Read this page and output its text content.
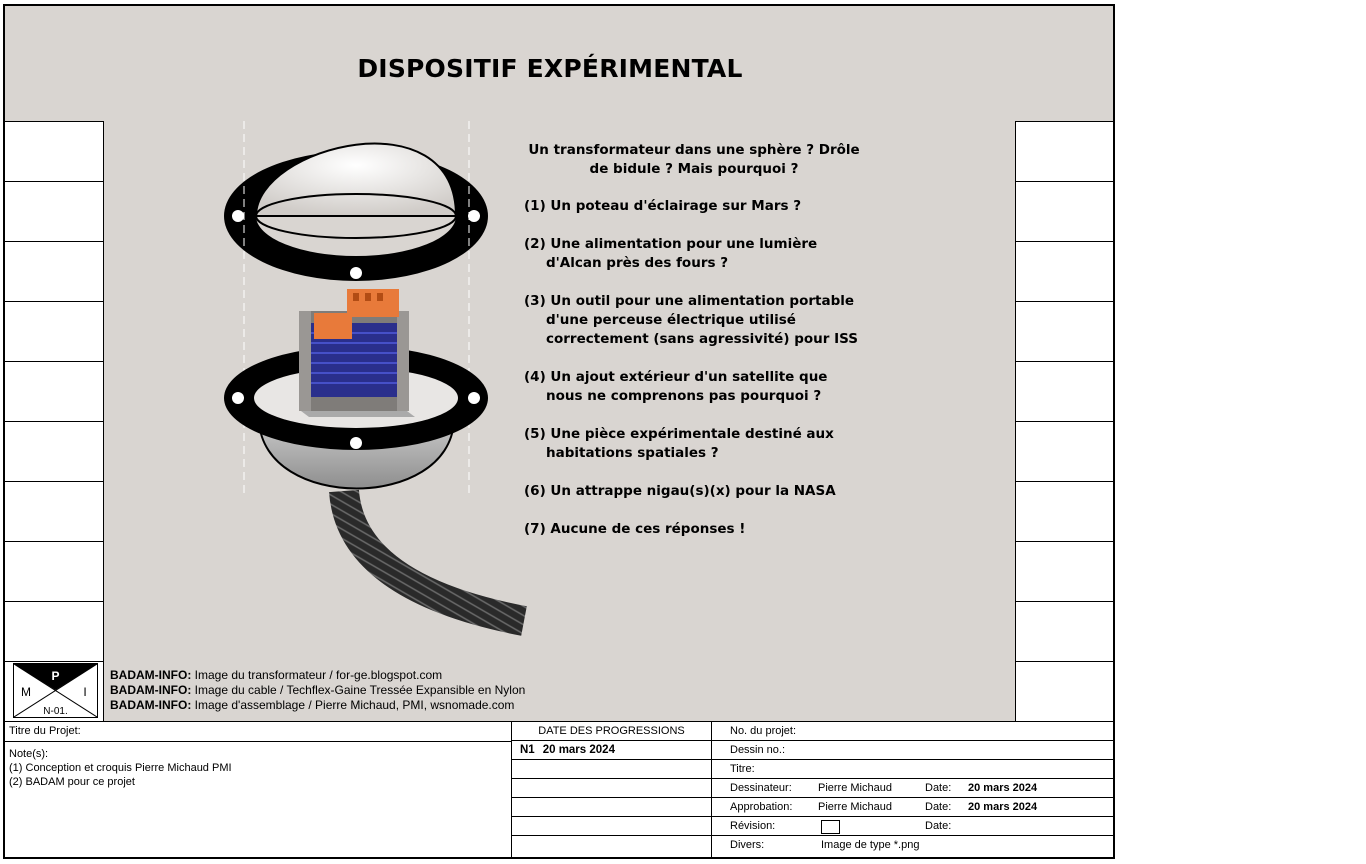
DISPOSITIF EXPÉRIMENTAL
Un transformateur dans une sphère ? Drôle de bidule ? Mais pourquoi ?
(1) Un poteau d'éclairage sur Mars ?
(2) Une alimentation pour une lumière d'Alcan près des fours ?
(3) Un outil pour une alimentation portable d'une perceuse électrique utilisé correctement (sans agressivité) pour ISS
(4) Un ajout extérieur d'un satellite que nous ne comprenons pas pourquoi ?
(5) Une pièce expérimentale destiné aux habitations spatiales ?
(6) Un attrappe nigau(s)(x) pour la NASA
(7) Aucune de ces réponses !
BADAM-INFO: Image du transformateur / for-ge.blogspot.com
BADAM-INFO: Image du cable / Techflex-Gaine Tressée Expansible en Nylon
BADAM-INFO: Image d'assemblage / Pierre Michaud, PMI, wsnomade.com
P
M	I
N-01.
Titre du Projet:
Note(s):
(1) Conception et croquis Pierre Michaud PMI
(2) BADAM pour ce projet
DATE DES PROGRESSIONS
N1 20 mars 2024
No. du projet:
Dessin no.:
Titre:
Dessinateur: Pierre Michaud	Date: 20 mars 2024
Approbation: Pierre Michaud	Date: 20 mars 2024
Révision:	Date:
Divers:	Image de type *.png
